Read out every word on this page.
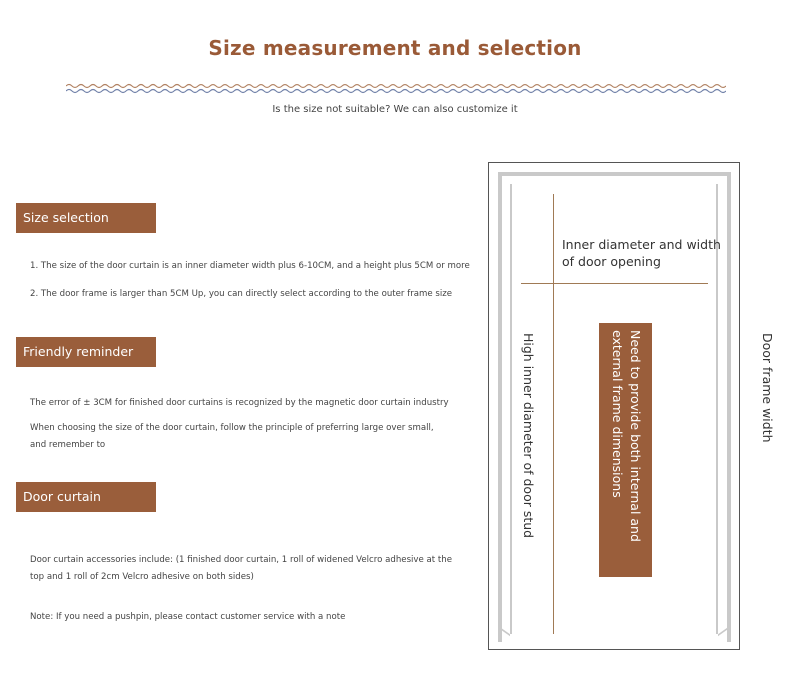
Size measurement and selection
Is the size not suitable? We can also customize it
Size selection
1. The size of the door curtain is an inner diameter width plus 6-10CM, and a height plus 5CM or more
2. The door frame is larger than 5CM Up, you can directly select according to the outer frame size
Friendly reminder
The error of ± 3CM for finished door curtains is recognized by the magnetic door curtain industry
When choosing the size of the door curtain, follow the principle of preferring large over small,
and remember to
Door curtain standard
Door curtain accessories include: (1 finished door curtain, 1 roll of widened Velcro adhesive at the
top and 1 roll of 2cm Velcro adhesive on both sides)
Note: If you need a pushpin, please contact customer service with a note
Inner diameter and width of door opening
High inner diameter of door stud	Door frame width
Need to provide both internal and external frame dimensions
